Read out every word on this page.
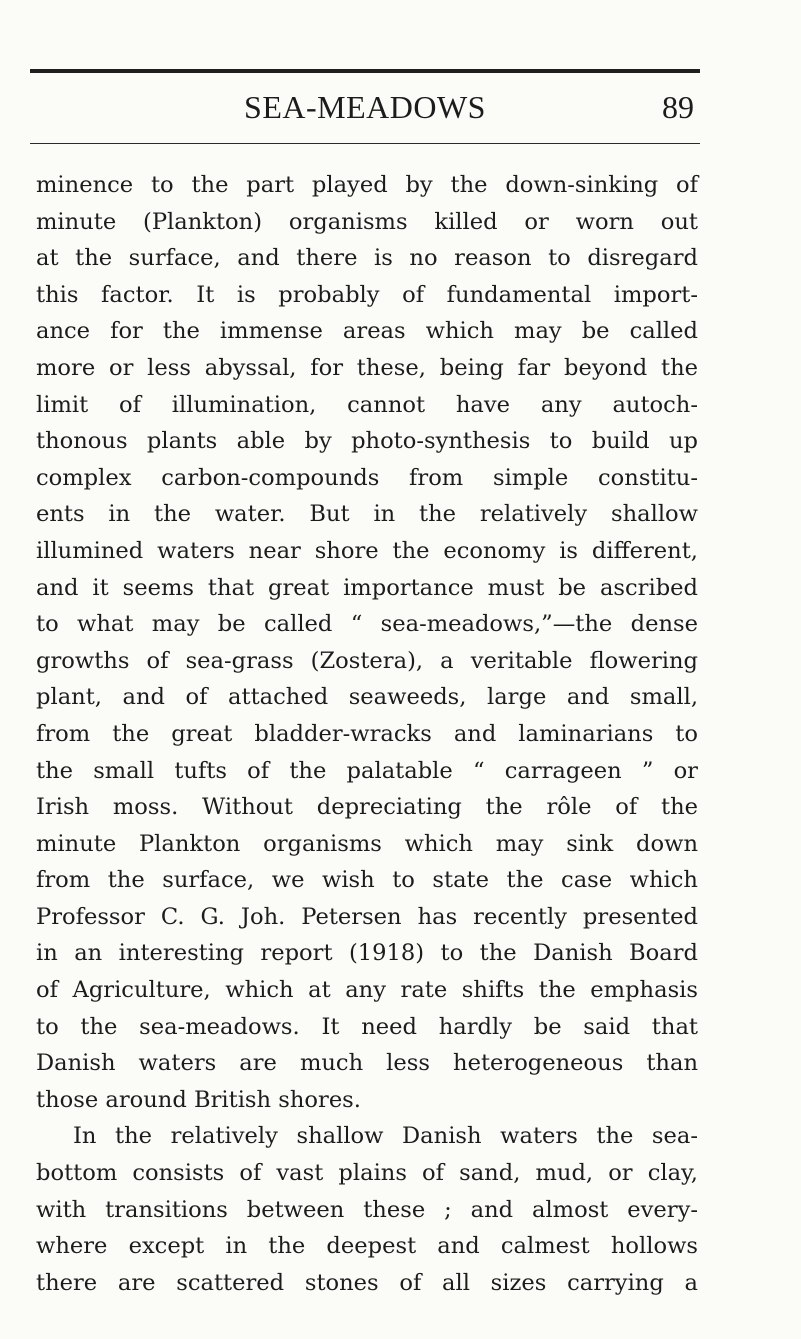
SEA-MEADOWS	89
minence to the part played by the down-sinking of
minute (Plankton) organisms killed or worn out
at the surface, and there is no reason to disregard
this factor. It is probably of fundamental import-
ance for the immense areas which may be called
more or less abyssal, for these, being far beyond the
limit of illumination, cannot have any autoch-
thonous plants able by photo-synthesis to build up
complex carbon-compounds from simple constitu-
ents in the water. But in the relatively shallow
illumined waters near shore the economy is different,
and it seems that great importance must be ascribed
to what may be called “ sea-meadows,”—the dense
growths of sea-grass (Zostera), a veritable flowering
plant, and of attached seaweeds, large and small,
from the great bladder-wracks and laminarians to
the small tufts of the palatable “ carrageen ” or
Irish moss. Without depreciating the rôle of the
minute Plankton organisms which may sink down
from the surface, we wish to state the case which
Professor C. G. Joh. Petersen has recently presented
in an interesting report (1918) to the Danish Board
of Agriculture, which at any rate shifts the emphasis
to the sea-meadows. It need hardly be said that
Danish waters are much less heterogeneous than
those around British shores.
In the relatively shallow Danish waters the sea-
bottom consists of vast plains of sand, mud, or clay,
with transitions between these ; and almost every-
where except in the deepest and calmest hollows
there are scattered stones of all sizes carrying a
